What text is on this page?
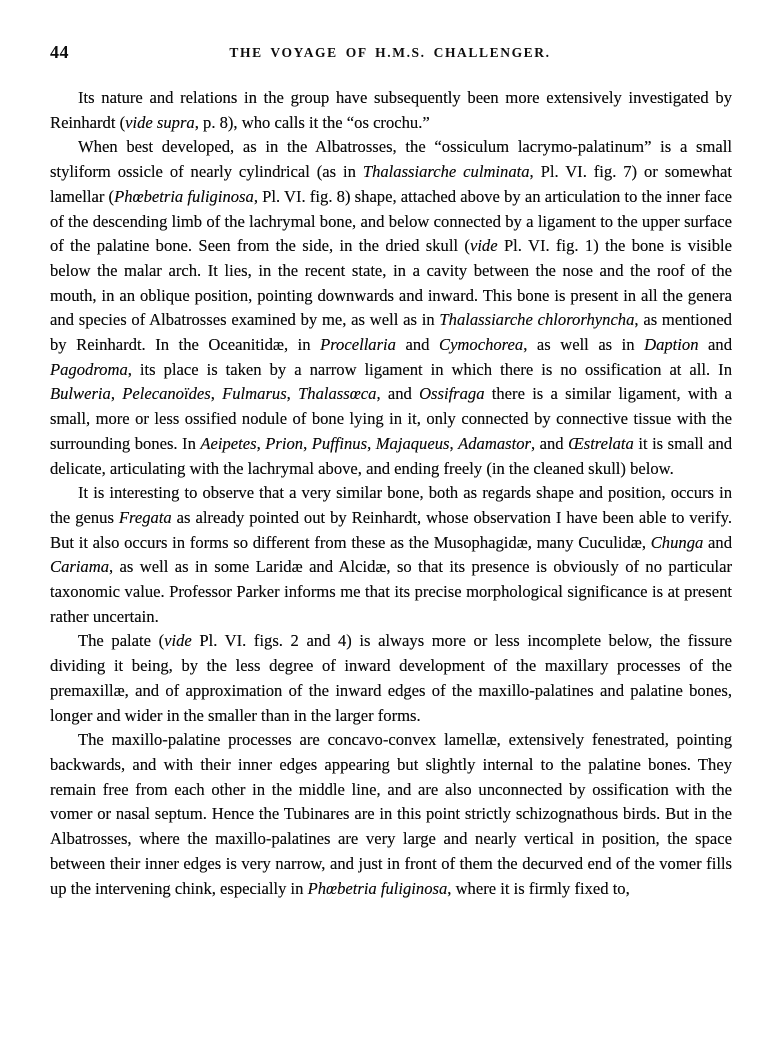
44	THE VOYAGE OF H.M.S. CHALLENGER.

Its nature and relations in the group have subsequently been more extensively investigated by Reinhardt (vide supra, p. 8), who calls it the “os crochu.”

When best developed, as in the Albatrosses, the “ossiculum lacrymo-palatinum” is a small styliform ossicle of nearly cylindrical (as in Thalassiarche culminata, Pl. VI. fig. 7) or somewhat lamellar (Phœbetria fuliginosa, Pl. VI. fig. 8) shape, attached above by an articulation to the inner face of the descending limb of the lachrymal bone, and below connected by a ligament to the upper surface of the palatine bone. Seen from the side, in the dried skull (vide Pl. VI. fig. 1) the bone is visible below the malar arch. It lies, in the recent state, in a cavity between the nose and the roof of the mouth, in an oblique position, pointing downwards and inward. This bone is present in all the genera and species of Albatrosses examined by me, as well as in Thalassiarche chlororhyncha, as mentioned by Reinhardt. In the Oceanitidæ, in Procellaria and Cymochorea, as well as in Daption and Pagodroma, its place is taken by a narrow ligament in which there is no ossification at all. In Bulweria, Pelecanoïdes, Fulmarus, Thalassœca, and Ossifraga there is a similar ligament, with a small, more or less ossified nodule of bone lying in it, only connected by connective tissue with the surrounding bones. In Aeipetes, Prion, Puffinus, Majaqueus, Adamastor, and Œstrelata it is small and delicate, articulating with the lachrymal above, and ending freely (in the cleaned skull) below.

It is interesting to observe that a very similar bone, both as regards shape and position, occurs in the genus Fregata as already pointed out by Reinhardt, whose observation I have been able to verify. But it also occurs in forms so different from these as the Musophagidæ, many Cuculidæ, Chunga and Cariama, as well as in some Laridæ and Alcidæ, so that its presence is obviously of no particular taxonomic value. Professor Parker informs me that its precise morphological significance is at present rather uncertain.

The palate (vide Pl. VI. figs. 2 and 4) is always more or less incomplete below, the fissure dividing it being, by the less degree of inward development of the maxillary processes of the premaxillæ, and of approximation of the inward edges of the maxillo-palatines and palatine bones, longer and wider in the smaller than in the larger forms.

The maxillo-palatine processes are concavo-convex lamellæ, extensively fenestrated, pointing backwards, and with their inner edges appearing but slightly internal to the palatine bones. They remain free from each other in the middle line, and are also unconnected by ossification with the vomer or nasal septum. Hence the Tubinares are in this point strictly schizognathous birds. But in the Albatrosses, where the maxillo-palatines are very large and nearly vertical in position, the space between their inner edges is very narrow, and just in front of them the decurved end of the vomer fills up the intervening chink, especially in Phœbetria fuliginosa, where it is firmly fixed to,
